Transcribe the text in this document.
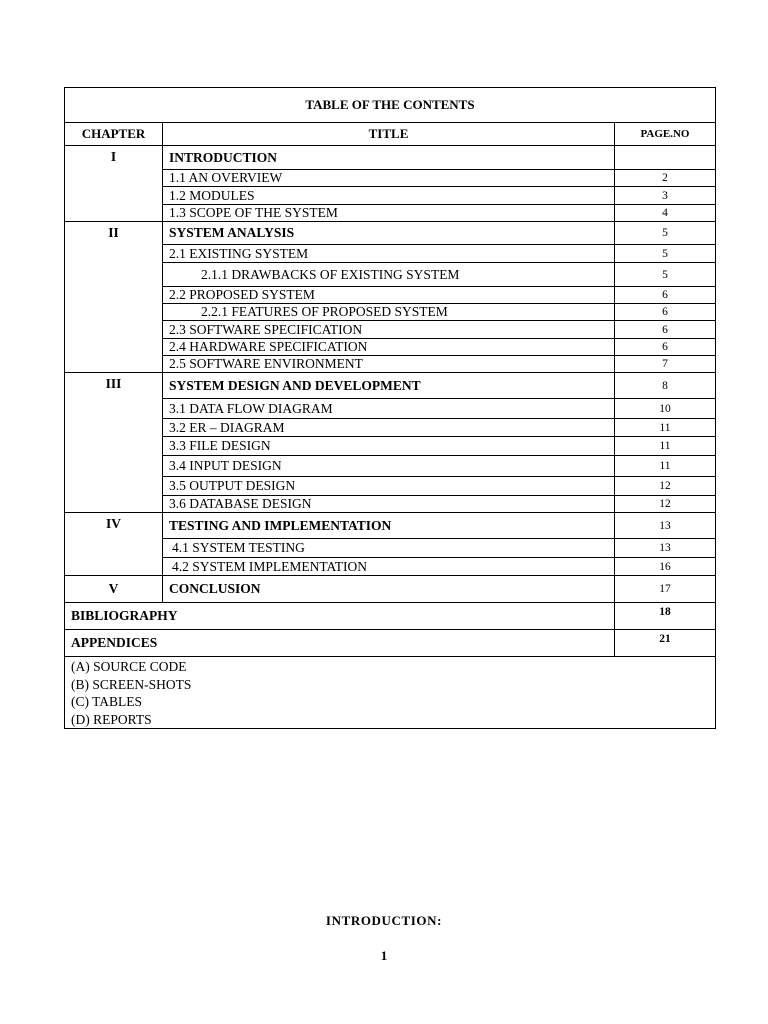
TABLE OF THE CONTENTS		
CHAPTER	TITLE	PAGE.NO
I	INTRODUCTION	
	1.1 AN OVERVIEW	2
	1.2 MODULES	3
	1.3 SCOPE OF THE SYSTEM	4
II	SYSTEM ANALYSIS	5
	2.1 EXISTING SYSTEM	5
	2.1.1 DRAWBACKS OF EXISTING SYSTEM	5
	2.2 PROPOSED SYSTEM	6
	2.2.1 FEATURES OF PROPOSED SYSTEM	6
	2.3 SOFTWARE SPECIFICATION	6
	2.4 HARDWARE SPECIFICATION	6
	2.5 SOFTWARE ENVIRONMENT	7
III	SYSTEM DESIGN AND DEVELOPMENT	8
	3.1 DATA FLOW DIAGRAM	10
	3.2 ER – DIAGRAM	11
	3.3 FILE DESIGN	11
	3.4 INPUT DESIGN	11
	3.5 OUTPUT DESIGN	12
	3.6 DATABASE DESIGN	12
IV	TESTING AND IMPLEMENTATION	13
	4.1 SYSTEM TESTING	13
	4.2 SYSTEM IMPLEMENTATION	16
V	CONCLUSION	17
BIBLIOGRAPHY		18
APPENDICES		21

(A) SOURCE CODE
(B) SCREEN-SHOTS
(C) TABLES
(D) REPORTS		
INTRODUCTION:
1
